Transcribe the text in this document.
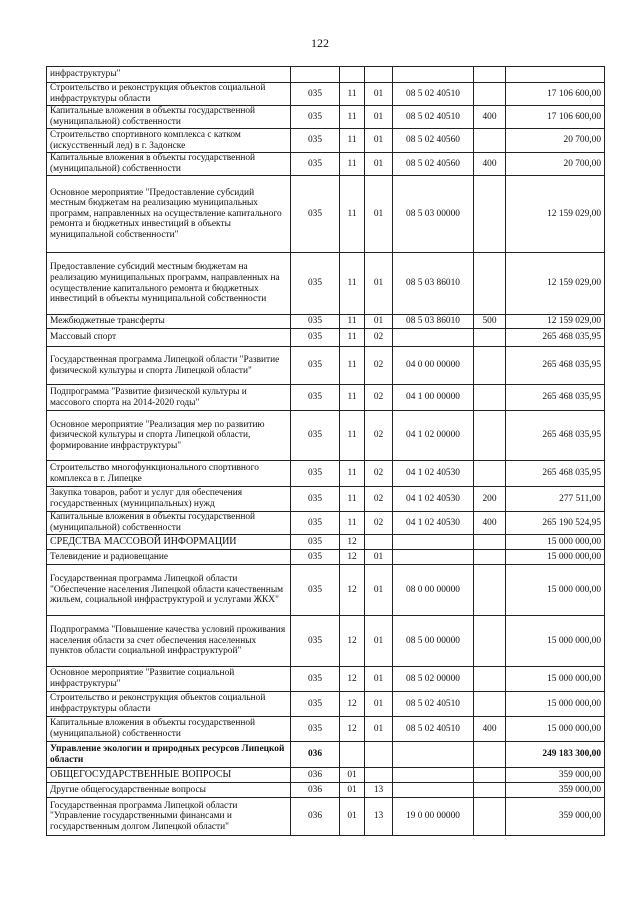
122
инфраструктуры"						
Строительство и реконструкция объектов социальной инфраструктуры области	035	11	01	08 5 02 40510		17 106 600,00
Капитальные вложения в объекты государственной (муниципальной) собственности	035	11	01	08 5 02 40510	400	17 106 600,00
Строительство спортивного комплекса с катком (искусственный лед) в г. Задонске	035	11	01	08 5 02 40560		20 700,00
Капитальные вложения в объекты государственной (муниципальной) собственности	035	11	01	08 5 02 40560	400	20 700,00
Основное мероприятие "Предоставление субсидий местным бюджетам на реализацию муниципальных программ, направленных на осуществление капитального ремонта и бюджетных инвестиций в объекты муниципальной собственности"	035	11	01	08 5 03 00000		12 159 029,00
Предоставление субсидий местным бюджетам на реализацию муниципальных программ, направленных на осуществление капитального ремонта и бюджетных инвестиций в объекты муниципальной собственности	035	11	01	08 5 03 86010		12 159 029,00
Межбюджетные трансферты	035	11	01	08 5 03 86010	500	12 159 029,00
Массовый спорт	035	11	02			265 468 035,95
Государственная программа Липецкой области "Развитие физической культуры и спорта Липецкой области"	035	11	02	04 0 00 00000		265 468 035,95
Подпрограмма "Развитие физической культуры и массового спорта на 2014-2020 годы"	035	11	02	04 1 00 00000		265 468 035,95
Основное мероприятие "Реализация мер по развитию физической культуры и спорта Липецкой области, формирование инфраструктуры"	035	11	02	04 1 02 00000		265 468 035,95
Строительство многофункционального спортивного комплекса в г. Липецке	035	11	02	04 1 02 40530		265 468 035,95
Закупка товаров, работ и услуг для обеспечения государственных (муниципальных) нужд	035	11	02	04 1 02 40530	200	277 511,00
Капитальные вложения в объекты государственной (муниципальной) собственности	035	11	02	04 1 02 40530	400	265 190 524,95
СРЕДСТВА МАССОВОЙ ИНФОРМАЦИИ	035	12				15 000 000,00
Телевидение и радиовещание	035	12	01			15 000 000,00
Государственная программа Липецкой области "Обеспечение населения Липецкой области качественным жильем, социальной инфраструктурой и услугами ЖКХ"	035	12	01	08 0 00 00000		15 000 000,00
Подпрограмма "Повышение качества условий проживания населения области за счет обеспечения населенных пунктов области социальной инфраструктурой"	035	12	01	08 5 00 00000		15 000 000,00
Основное мероприятие "Развитие социальной инфраструктуры"	035	12	01	08 5 02 00000		15 000 000,00
Строительство и реконструкция объектов социальной инфраструктуры области	035	12	01	08 5 02 40510		15 000 000,00
Капитальные вложения в объекты государственной (муниципальной) собственности	035	12	01	08 5 02 40510	400	15 000 000,00
Управление экологии и природных ресурсов Липецкой области	036					249 183 300,00
ОБЩЕГОСУДАРСТВЕННЫЕ ВОПРОСЫ	036	01				359 000,00
Другие общегосударственные вопросы	036	01	13			359 000,00
Государственная программа Липецкой области "Управление государственными финансами и государственным долгом Липецкой области"	036	01	13	19 0 00 00000		359 000,00
